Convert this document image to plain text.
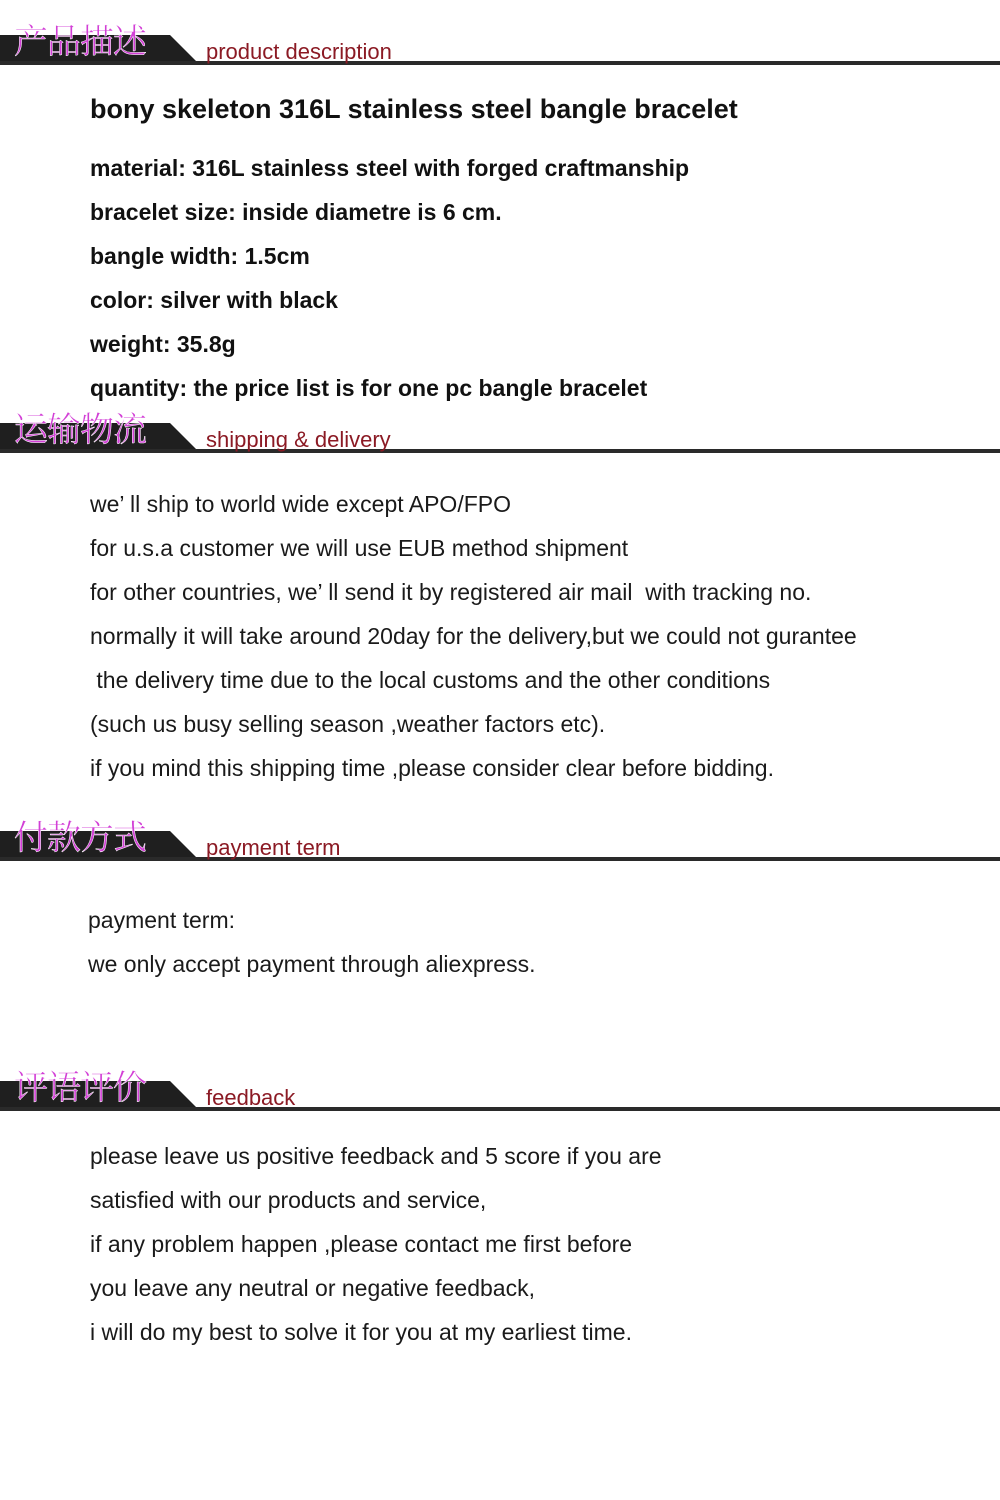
产品描述	product description
bony skeleton 316L stainless steel bangle bracelet
material: 316L stainless steel with forged craftmanship
bracelet size: inside diametre is 6 cm.
bangle width: 1.5cm
color: silver with black
weight: 35.8g
quantity: the price list is for one pc bangle bracelet
运输物流	shipping & delivery
we’ ll ship to world wide except APO/FPO
for u.s.a customer we will use EUB method shipment
for other countries, we’ ll send it by registered air mail  with tracking no.
normally it will take around 20day for the delivery,but we could not gurantee
the delivery time due to the local customs and the other conditions
(such us busy selling season ,weather factors etc).
if you mind this shipping time ,please consider clear before bidding.
付款方式	payment term
payment term:
we only accept payment through aliexpress.
评语评价	feedback
please leave us positive feedback and 5 score if you are
satisfied with our products and service,
if any problem happen ,please contact me first before
you leave any neutral or negative feedback,
i will do my best to solve it for you at my earliest time.
